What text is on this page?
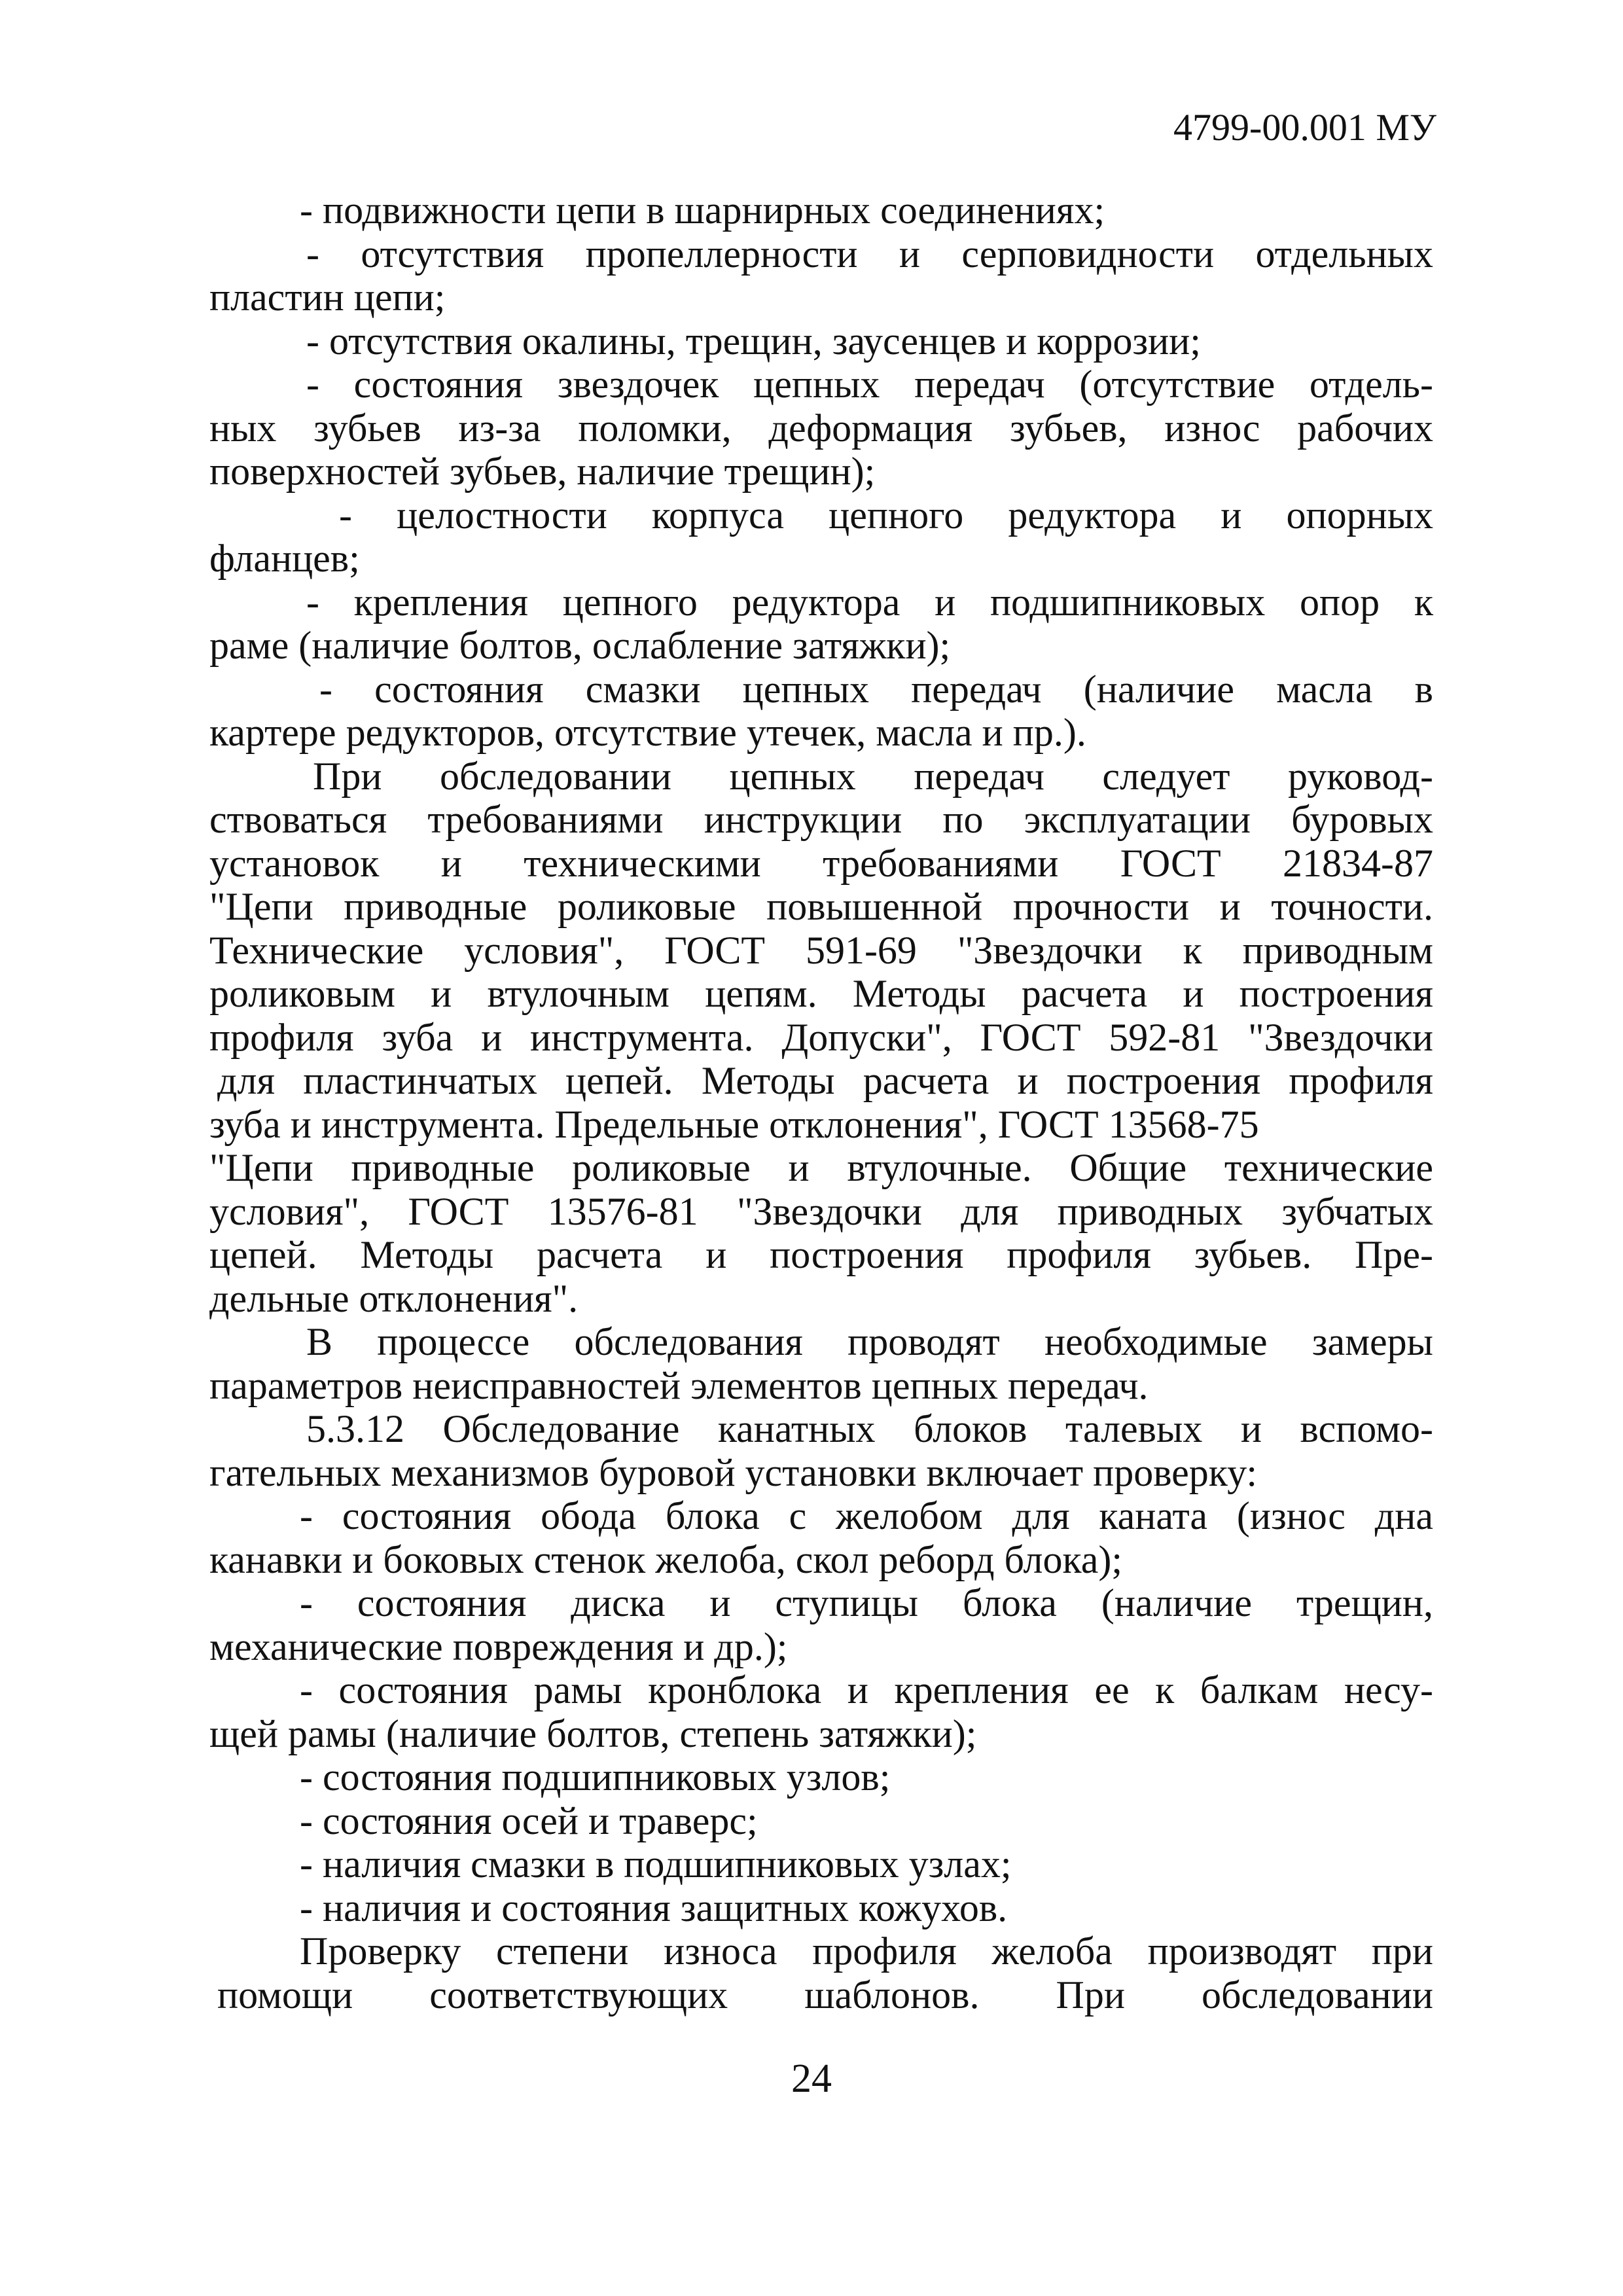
4799-00.001 МУ
- подвижности цепи в шарнирных соединениях;
- отсутствия пропеллерности и серповидности отдельных
пластин цепи;
- отсутствия окалины, трещин, заусенцев и коррозии;
- состояния звездочек цепных передач (отсутствие отдель-
ных зубьев из-за поломки, деформация зубьев, износ рабочих
поверхностей зубьев, наличие трещин);
- целостности корпуса цепного редуктора и опорных
фланцев;
- крепления цепного редуктора и подшипниковых опор к
раме (наличие болтов, ослабление затяжки);
- состояния смазки цепных передач (наличие масла в
картере редукторов, отсутствие утечек, масла и пр.).
При обследовании цепных передач следует руковод-
ствоваться требованиями инструкции по эксплуатации буровых
установок и техническими требованиями ГОСТ 21834-87
"Цепи приводные роликовые повышенной прочности и точности.
Технические условия", ГОСТ 591-69 "Звездочки к приводным
роликовым и втулочным цепям. Методы расчета и построения
профиля зуба и инструмента. Допуски", ГОСТ 592-81 "Звездочки
для пластинчатых цепей. Методы расчета и построения профиля
зуба и инструмента. Предельные отклонения", ГОСТ 13568-75
"Цепи приводные роликовые и втулочные. Общие технические
условия", ГОСТ 13576-81 "Звездочки для приводных зубчатых
цепей. Методы расчета и построения профиля зубьев. Пре-
дельные отклонения".
В процессе обследования проводят необходимые замеры
параметров неисправностей элементов цепных передач.
5.3.12 Обследование канатных блоков талевых и вспомо-
гательных механизмов буровой установки включает проверку:
- состояния обода блока с желобом для каната (износ дна
канавки и боковых стенок желоба, скол реборд блока);
- состояния диска и ступицы блока (наличие трещин,
механические повреждения и др.);
- состояния рамы кронблока и крепления ее к балкам несу-
щей рамы (наличие болтов, степень затяжки);
- состояния подшипниковых узлов;
- состояния осей и траверс;
- наличия смазки в подшипниковых узлах;
- наличия и состояния защитных кожухов.
Проверку степени износа профиля желоба производят при
помощи соответствующих шаблонов. При обследовании
24
